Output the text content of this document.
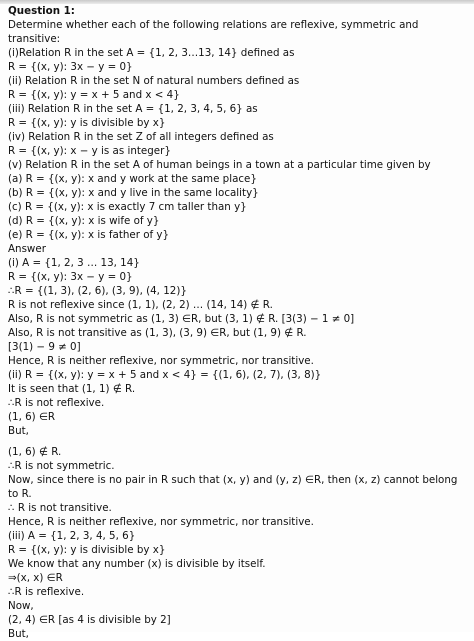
Question 1:
Determine whether each of the following relations are reflexive, symmetric and
transitive:
(i)Relation R in the set A = {1, 2, 3…13, 14} defined as
R = {(x, y): 3x − y = 0}
(ii) Relation R in the set N of natural numbers defined as
R = {(x, y): y = x + 5 and x < 4}
(iii) Relation R in the set A = {1, 2, 3, 4, 5, 6} as
R = {(x, y): y is divisible by x}
(iv) Relation R in the set Z of all integers defined as
R = {(x, y): x − y is as integer}
(v) Relation R in the set A of human beings in a town at a particular time given by
(a) R = {(x, y): x and y work at the same place}
(b) R = {(x, y): x and y live in the same locality}
(c) R = {(x, y): x is exactly 7 cm taller than y}
(d) R = {(x, y): x is wife of y}
(e) R = {(x, y): x is father of y}
Answer
(i) A = {1, 2, 3 … 13, 14}
R = {(x, y): 3x − y = 0}
∴R = {(1, 3), (2, 6), (3, 9), (4, 12)}
R is not reflexive since (1, 1), (2, 2) … (14, 14) ∉ R.
Also, R is not symmetric as (1, 3) ∈R, but (3, 1) ∉ R. [3(3) − 1 ≠ 0]
Also, R is not transitive as (1, 3), (3, 9) ∈R, but (1, 9) ∉ R.
[3(1) − 9 ≠ 0]
Hence, R is neither reflexive, nor symmetric, nor transitive.
(ii) R = {(x, y): y = x + 5 and x < 4} = {(1, 6), (2, 7), (3, 8)}
It is seen that (1, 1) ∉ R.
∴R is not reflexive.
(1, 6) ∈R
But,
(1, 6) ∉ R.
∴R is not symmetric.
Now, since there is no pair in R such that (x, y) and (y, z) ∈R, then (x, z) cannot belong
to R.
∴ R is not transitive.
Hence, R is neither reflexive, nor symmetric, nor transitive.
(iii) A = {1, 2, 3, 4, 5, 6}
R = {(x, y): y is divisible by x}
We know that any number (x) is divisible by itself.
⇒(x, x) ∈R
∴R is reflexive.
Now,
(2, 4) ∈R [as 4 is divisible by 2]
But,
